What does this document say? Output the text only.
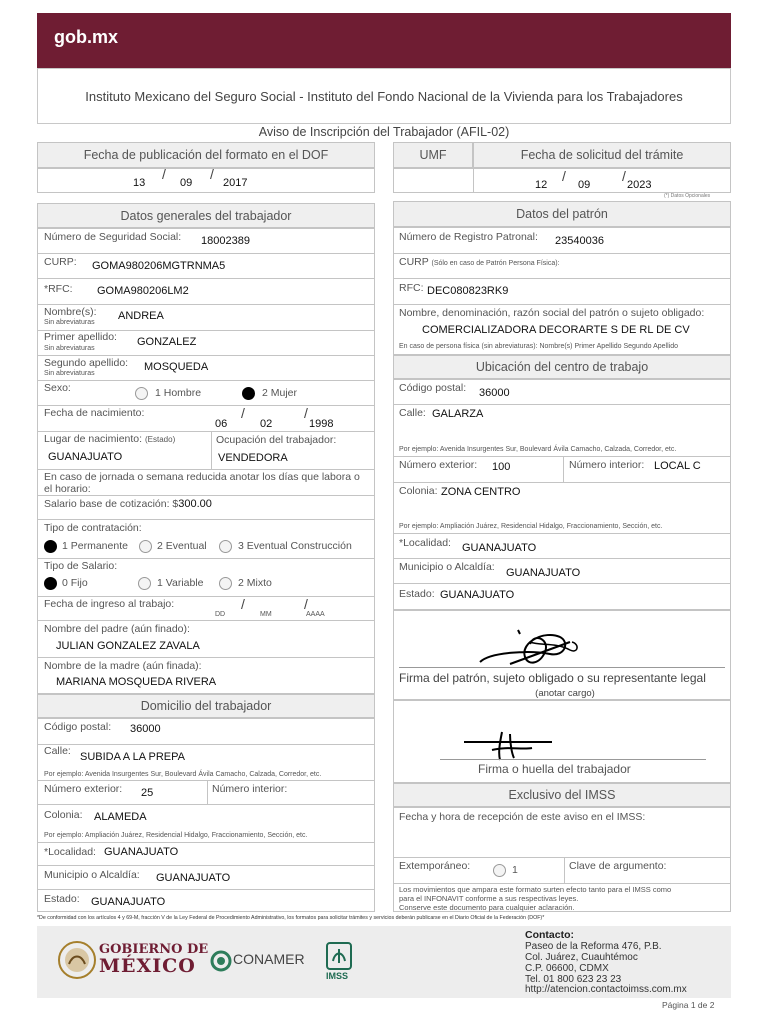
gob.mx
Instituto Mexicano del Seguro Social - Instituto del Fondo Nacional de la Vivienda para los Trabajadores
Aviso de Inscripción del Trabajador (AFIL-02)
Fecha de publicación del formato en el DOF
13
/
09
/
2017
UMF	Fecha de solicitud del trámite
12
/
09
/
2023
(*) Datos Opcionales
Datos generales del trabajador
Número de Seguridad Social: 18002389
CURP: GOMA980206MGTRNMA5
*RFC: GOMA980206LM2
Nombre(s):
Sin abreviaturas
ANDREA
Primer apellido:
Sin abreviaturas
GONZALEZ
Segundo apellido:
Sin abreviaturas
MOSQUEDA
Sexo:	1 Hombre	2 Mujer
Fecha de nacimiento:
06
/
02
/
1998
Lugar de nacimiento: (Estado)
GUANAJUATO
Ocupación del trabajador:
VENDEDORA
En caso de jornada o semana reducida anotar los días que labora o el horario:
Salario base de cotización: $300.00
Tipo de contratación:
1 Permanente	2 Eventual	3 Eventual Construcción
Tipo de Salario:
0 Fijo	1 Variable	2 Mixto
Fecha de ingreso al trabajo:	/	/
DD	MM	AAAA
Nombre del padre (aún finado):
JULIAN GONZALEZ ZAVALA
Nombre de la madre (aún finada):
MARIANA MOSQUEDA RIVERA
Domicilio del trabajador
Código postal: 36000
Calle: SUBIDA A LA PREPA
Por ejemplo: Avenida Insurgentes Sur, Boulevard Ávila Camacho, Calzada, Corredor, etc.
Número exterior: 25	Número interior:
Colonia: ALAMEDA
Por ejemplo: Ampliación Juárez, Residencial Hidalgo, Fraccionamiento, Sección, etc.
*Localidad: GUANAJUATO
Municipio o Alcaldía: GUANAJUATO
Estado: GUANAJUATO
Datos del patrón
Número de Registro Patronal: 23540036
CURP (Sólo en caso de Patrón Persona Física):
RFC: DEC080823RK9
Nombre, denominación, razón social del patrón o sujeto obligado:
COMERCIALIZADORA DECORARTE S DE RL DE CV
En caso de persona física (sin abreviaturas): Nombre(s) Primer Apellido Segundo Apellido
Ubicación del centro de trabajo
Código postal: 36000
Calle: GALARZA
Por ejemplo: Avenida Insurgentes Sur, Boulevard Ávila Camacho, Calzada, Corredor, etc.
Número exterior: 100	Número interior: LOCAL C
Colonia: ZONA CENTRO
Por ejemplo: Ampliación Juárez, Residencial Hidalgo, Fraccionamiento, Sección, etc.
*Localidad: GUANAJUATO
Municipio o Alcaldía: GUANAJUATO
Estado: GUANAJUATO
Firma del patrón, sujeto obligado o su representante legal
(anotar cargo)
Firma o huella del trabajador
Exclusivo del IMSS
Fecha y hora de recepción de este aviso en el IMSS:
Extemporáneo:	1	Clave de argumento:
Los movimientos que ampara este formato surten efecto tanto para el IMSS como
para el INFONAVIT conforme a sus respectivas leyes.
Conserve este documento para cualquier aclaración.
*De conformidad con los artículos 4 y 69-M, fracción V de la Ley Federal de Procedimiento Administrativo, los formatos para solicitar trámites y servicios deberán publicarse en el Diario Oficial de la Federación (DOF)*
GOBIERNO DE
MÉXICO	CONAMER
IMSS
Contacto:
Paseo de la Reforma 476, P.B.
Col. Juárez, Cuauhtémoc
C.P. 06600, CDMX
Tel. 01 800 623 23 23
http://atencion.contactoimss.com.mx
Página 1 de 2
